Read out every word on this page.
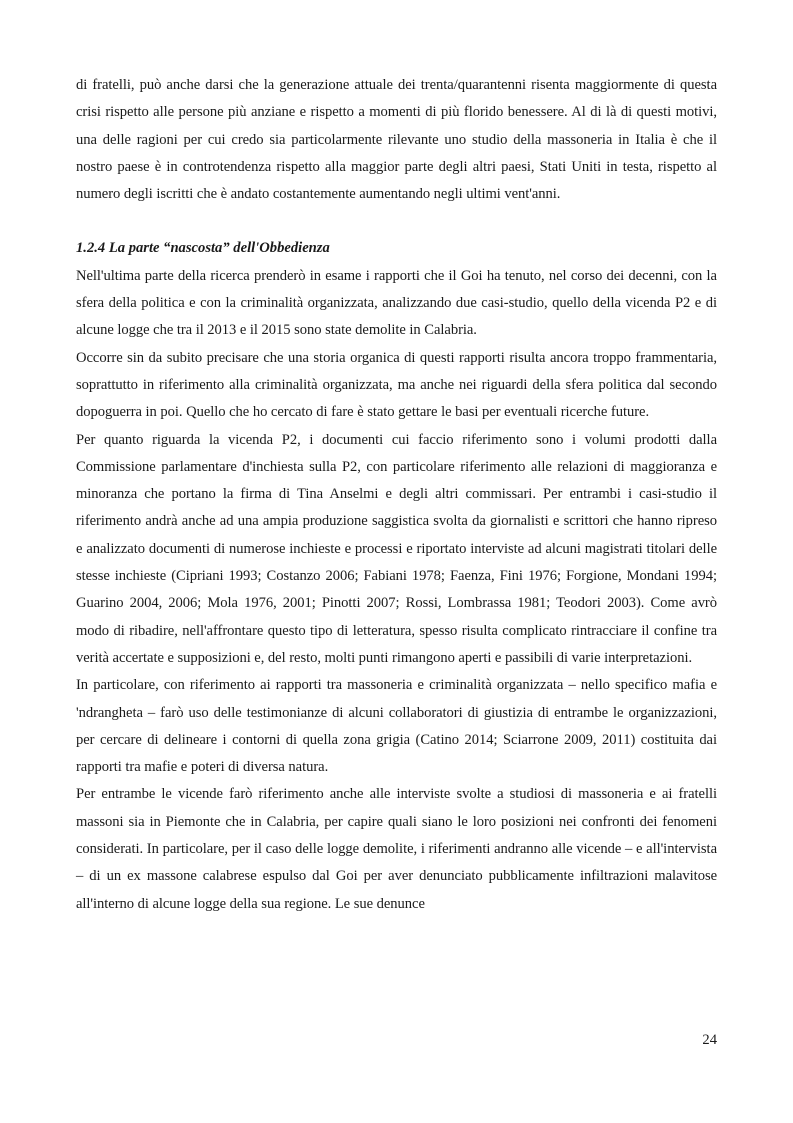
di fratelli, può anche darsi che la generazione attuale dei trenta/quarantenni risenta maggiormente di questa crisi rispetto alle persone più anziane e rispetto a momenti di più florido benessere. Al di là di questi motivi, una delle ragioni per cui credo sia particolarmente rilevante uno studio della massoneria in Italia è che il nostro paese è in controtendenza rispetto alla maggior parte degli altri paesi, Stati Uniti in testa, rispetto al numero degli iscritti che è andato costantemente aumentando negli ultimi vent'anni.

1.2.4 La parte “nascosta” dell'Obbedienza

Nell'ultima parte della ricerca prenderò in esame i rapporti che il Goi ha tenuto, nel corso dei decenni, con la sfera della politica e con la criminalità organizzata, analizzando due casi-studio, quello della vicenda P2 e di alcune logge che tra il 2013 e il 2015 sono state demolite in Calabria.

Occorre sin da subito precisare che una storia organica di questi rapporti risulta ancora troppo frammentaria, soprattutto in riferimento alla criminalità organizzata, ma anche nei riguardi della sfera politica dal secondo dopoguerra in poi. Quello che ho cercato di fare è stato gettare le basi per eventuali ricerche future.

Per quanto riguarda la vicenda P2, i documenti cui faccio riferimento sono i volumi prodotti dalla Commissione parlamentare d'inchiesta sulla P2, con particolare riferimento alle relazioni di maggioranza e minoranza che portano la firma di Tina Anselmi e degli altri commissari. Per entrambi i casi-studio il riferimento andrà anche ad una ampia produzione saggistica svolta da giornalisti e scrittori che hanno ripreso e analizzato documenti di numerose inchieste e processi e riportato interviste ad alcuni magistrati titolari delle stesse inchieste (Cipriani 1993; Costanzo 2006; Fabiani 1978; Faenza, Fini 1976; Forgione, Mondani 1994; Guarino 2004, 2006; Mola 1976, 2001; Pinotti 2007; Rossi, Lombrassa 1981; Teodori 2003). Come avrò modo di ribadire, nell'affrontare questo tipo di letteratura, spesso risulta complicato rintracciare il confine tra verità accertate e supposizioni e, del resto, molti punti rimangono aperti e passibili di varie interpretazioni.

In particolare, con riferimento ai rapporti tra massoneria e criminalità organizzata – nello specifico mafia e 'ndrangheta – farò uso delle testimonianze di alcuni collaboratori di giustizia di entrambe le organizzazioni, per cercare di delineare i contorni di quella zona grigia (Catino 2014; Sciarrone 2009, 2011) costituita dai rapporti tra mafie e poteri di diversa natura.

Per entrambe le vicende farò riferimento anche alle interviste svolte a studiosi di massoneria e ai fratelli massoni sia in Piemonte che in Calabria, per capire quali siano le loro posizioni nei confronti dei fenomeni considerati. In particolare, per il caso delle logge demolite, i riferimenti andranno alle vicende – e all'intervista – di un ex massone calabrese espulso dal Goi per aver denunciato pubblicamente infiltrazioni malavitose all'interno di alcune logge della sua regione. Le sue denunce

24
